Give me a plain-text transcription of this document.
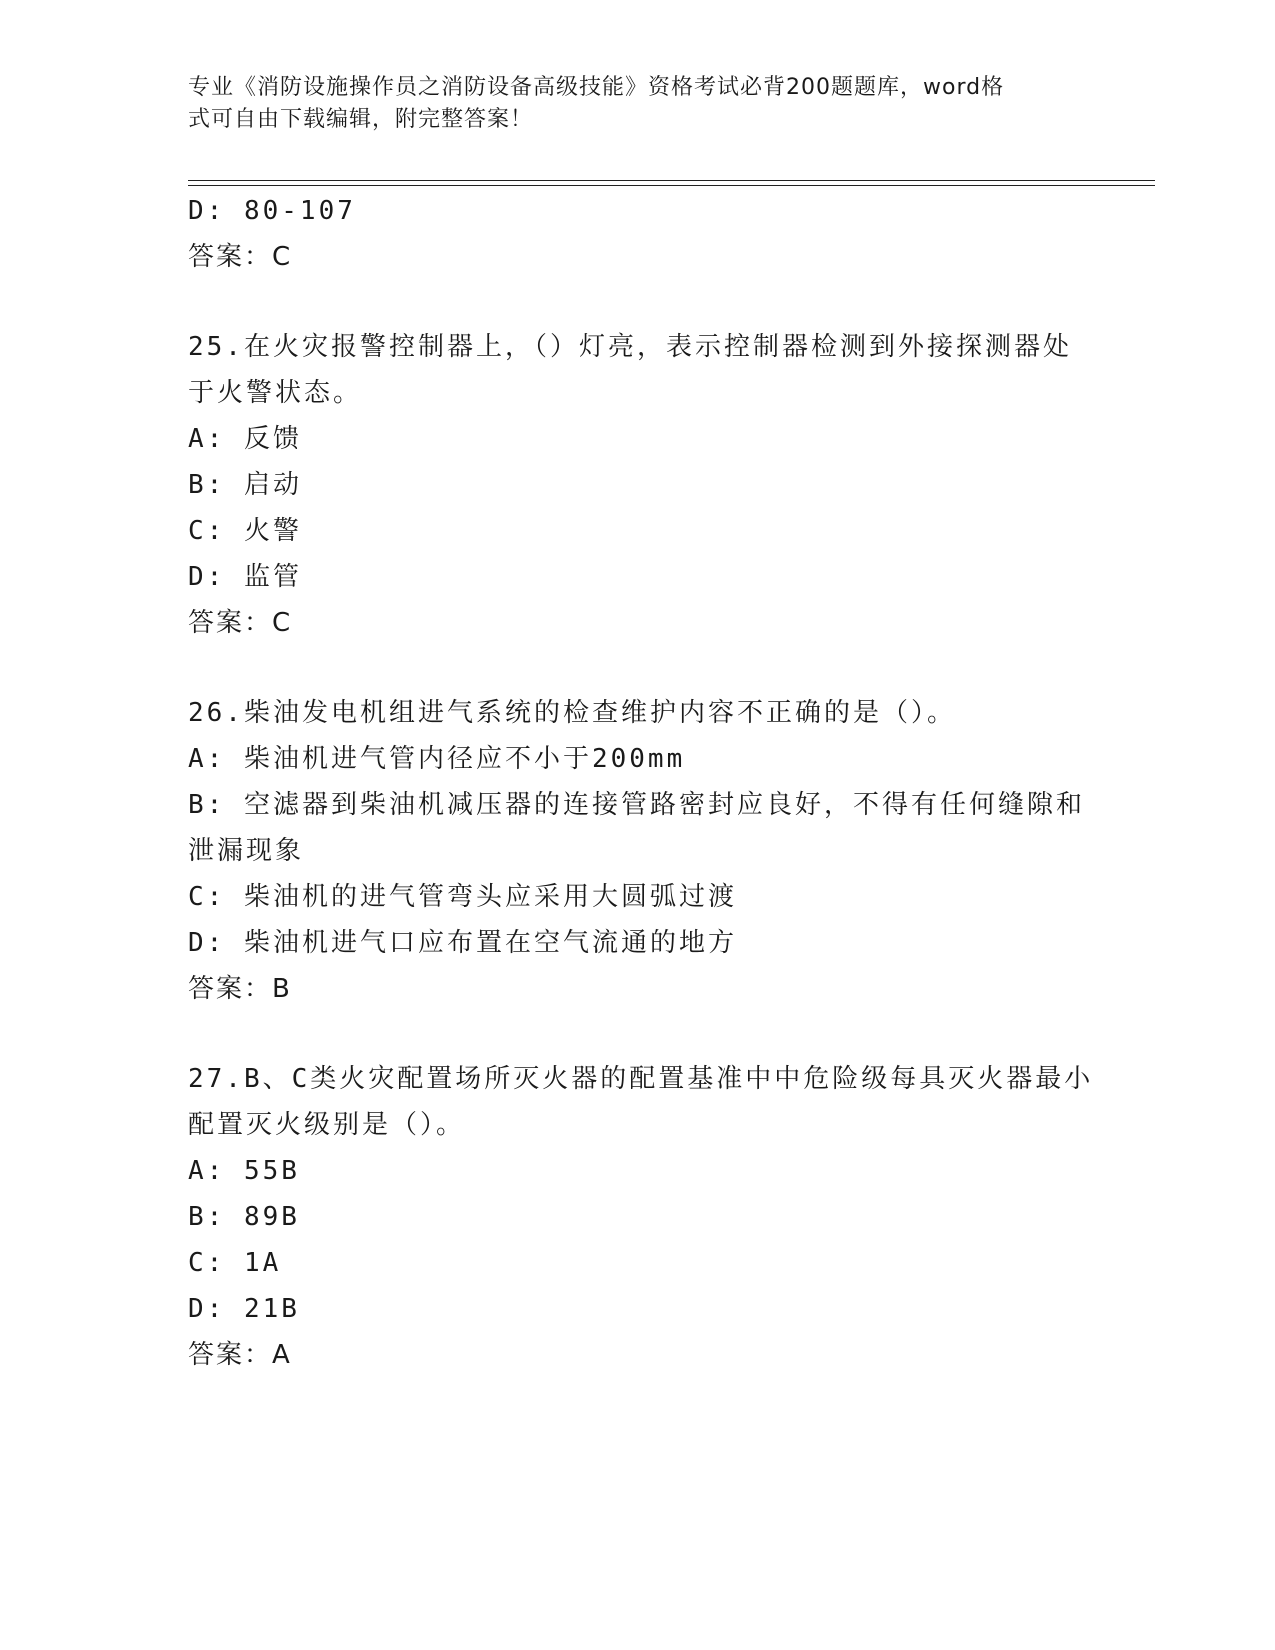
专业《消防设施操作员之消防设备高级技能》资格考试必背200题题库，word格
式可自由下载编辑，附完整答案！
D: 80-107
答案：C
25.在火灾报警控制器上，（）灯亮，表示控制器检测到外接探测器处
于火警状态。
A: 反馈
B: 启动
C: 火警
D: 监管
答案：C
26.柴油发电机组进气系统的检查维护内容不正确的是（）。
A: 柴油机进气管内径应不小于200mm
B: 空滤器到柴油机减压器的连接管路密封应良好，不得有任何缝隙和
泄漏现象
C: 柴油机的进气管弯头应采用大圆弧过渡
D: 柴油机进气口应布置在空气流通的地方
答案：B
27.B、C类火灾配置场所灭火器的配置基准中中危险级每具灭火器最小
配置灭火级别是（）。
A: 55B
B: 89B
C: 1A
D: 21B
答案：A
